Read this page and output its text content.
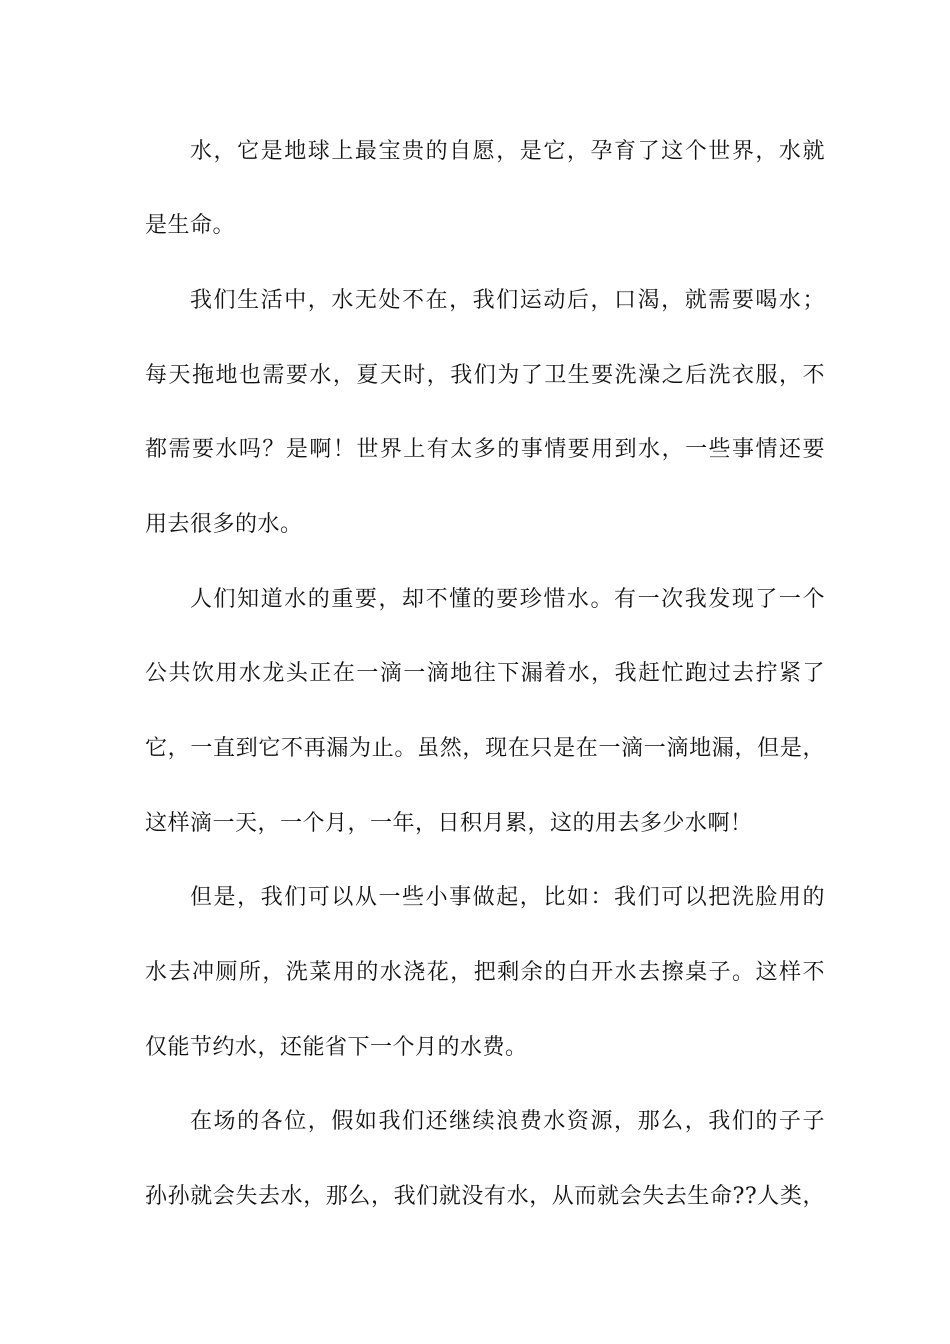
水，它是地球上最宝贵的自愿，是它，孕育了这个世界，水就
是生命。
我们生活中，水无处不在，我们运动后，口渴，就需要喝水；
每天拖地也需要水，夏天时，我们为了卫生要洗澡之后洗衣服，不
都需要水吗？是啊！世界上有太多的事情要用到水，一些事情还要
用去很多的水。
人们知道水的重要，却不懂的要珍惜水。有一次我发现了一个
公共饮用水龙头正在一滴一滴地往下漏着水，我赶忙跑过去拧紧了
它，一直到它不再漏为止。虽然，现在只是在一滴一滴地漏，但是，
这样滴一天，一个月，一年，日积月累，这的用去多少水啊！
但是，我们可以从一些小事做起，比如：我们可以把洗脸用的
水去冲厕所，洗菜用的水浇花，把剩余的白开水去擦桌子。这样不
仅能节约水，还能省下一个月的水费。
在场的各位，假如我们还继续浪费水资源，那么，我们的子子
孙孙就会失去水，那么，我们就没有水，从而就会失去生命??人类，
